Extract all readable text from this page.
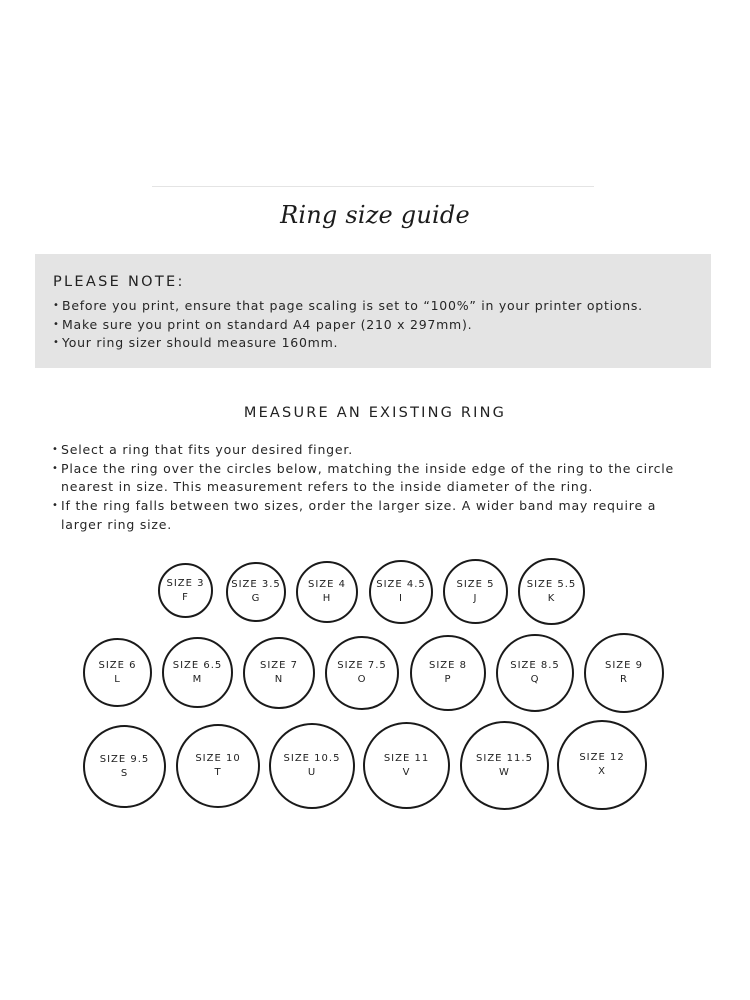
Ring size guide
PLEASE NOTE:
• Before you print, ensure that page scaling is set to “100%” in your printer options.
• Make sure you print on standard A4 paper (210 x 297mm).
• Your ring sizer should measure 160mm.
MEASURE AN EXISTING RING
• Select a ring that fits your desired finger.
• Place the ring over the circles below, matching the inside edge of the ring to the circle nearest in size. This measurement refers to the inside diameter of the ring.
• If the ring falls between two sizes, order the larger size. A wider band may require a larger ring size.
SIZE 3
F
SIZE 3.5
G
SIZE 4
H
SIZE 4.5
I
SIZE 5
J
SIZE 5.5
K
SIZE 6
L
SIZE 6.5
M
SIZE 7
N
SIZE 7.5
O
SIZE 8
P
SIZE 8.5
Q
SIZE 9
R
SIZE 9.5
S
SIZE 10
T
SIZE 10.5
U
SIZE 11
V
SIZE 11.5
W
SIZE 12
X
